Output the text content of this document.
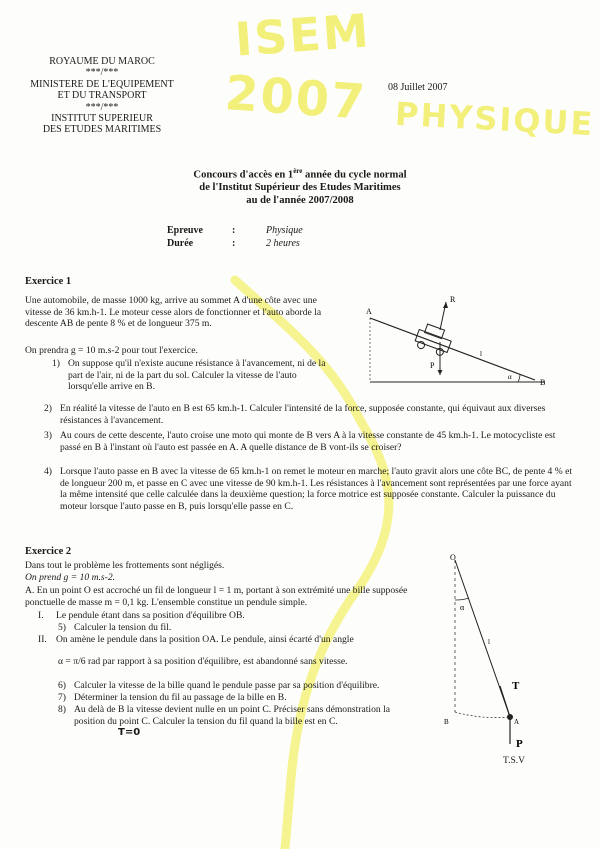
ISEM
2007 PHYSIQUE
ROYAUME DU MAROC
***/***
MINISTERE DE L'EQUIPEMENT
ET DU TRANSPORT
***/***
INSTITUT SUPERIEUR
DES ETUDES MARITIMES
08 Juillet 2007
Concours d'accès en 1ère année du cycle normal
de l'Institut Supérieur des Etudes Maritimes
au de l'année 2007/2008
Epreuve	:	Physique
Durée	:	2 heures
Exercice 1

Une automobile, de masse 1000 kg, arrive au sommet A d'une côte avec une vitesse de 36 km.h-1. Le moteur cesse alors de fonctionner et l'auto aborde la descente AB de pente 8 % et de longueur 375 m.

On prendra g = 10 m.s-2 pour tout l'exercice.

1) On suppose qu'il n'existe aucune résistance à l'avancement, ni de la part de l'air, ni de la part du sol. Calculer la vitesse de l'auto lorsqu'elle arrive en B.
2) En réalité la vitesse de l'auto en B est 65 km.h-1. Calculer l'intensité de la force, supposée constante, qui équivaut aux diverses résistances à l'avancement.
3) Au cours de cette descente, l'auto croise une moto qui monte de B vers A à la vitesse constante de 45 km.h-1. Le motocycliste est passé en B à l'instant où l'auto est passée en A. A quelle distance de B vont-ils se croiser?
4) Lorsque l'auto passe en B avec la vitesse de 65 km.h-1 on remet le moteur en marche; l'auto gravit alors une côte BC, de pente 4 % et de longueur 200 m, et passe en C avec une vitesse de 90 km.h-1. Les résistances à l'avancement sont représentées par une force ayant la même intensité que celle calculée dans la deuxième question; la force motrice est supposée constante. Calculer la puissance du moteur lorsque l'auto passe en B, puis lorsqu'elle passe en C.
A
B
R
P
α
l
Exercice 2

Dans tout le problème les frottements sont négligés.

On prend g = 10 m.s-2.

A. En un point O est accroché un fil de longueur l = 1 m, portant à son extrémité une bille supposée ponctuelle de masse m = 0,1 kg. L'ensemble constitue un pendule simple.

I.	Le pendule étant dans sa position d'équilibre OB.
5) Calculer la tension du fil.
II. On amène le pendule dans la position OA. Le pendule, ainsi écarté d'un angle
α = π/6 rad par rapport à sa position d'équilibre, est abandonné sans vitesse.
6) Calculer la vitesse de la bille quand le pendule passe par sa position d'équilibre.
7) Déterminer la tension du fil au passage de la bille en B.
8) Au delà de B la vitesse devient nulle en un point C. Préciser sans démonstration la position du point C. Calculer la tension du fil quand la bille est en C.
T=0
O
α
l
T
P
B	A
T.S.V
